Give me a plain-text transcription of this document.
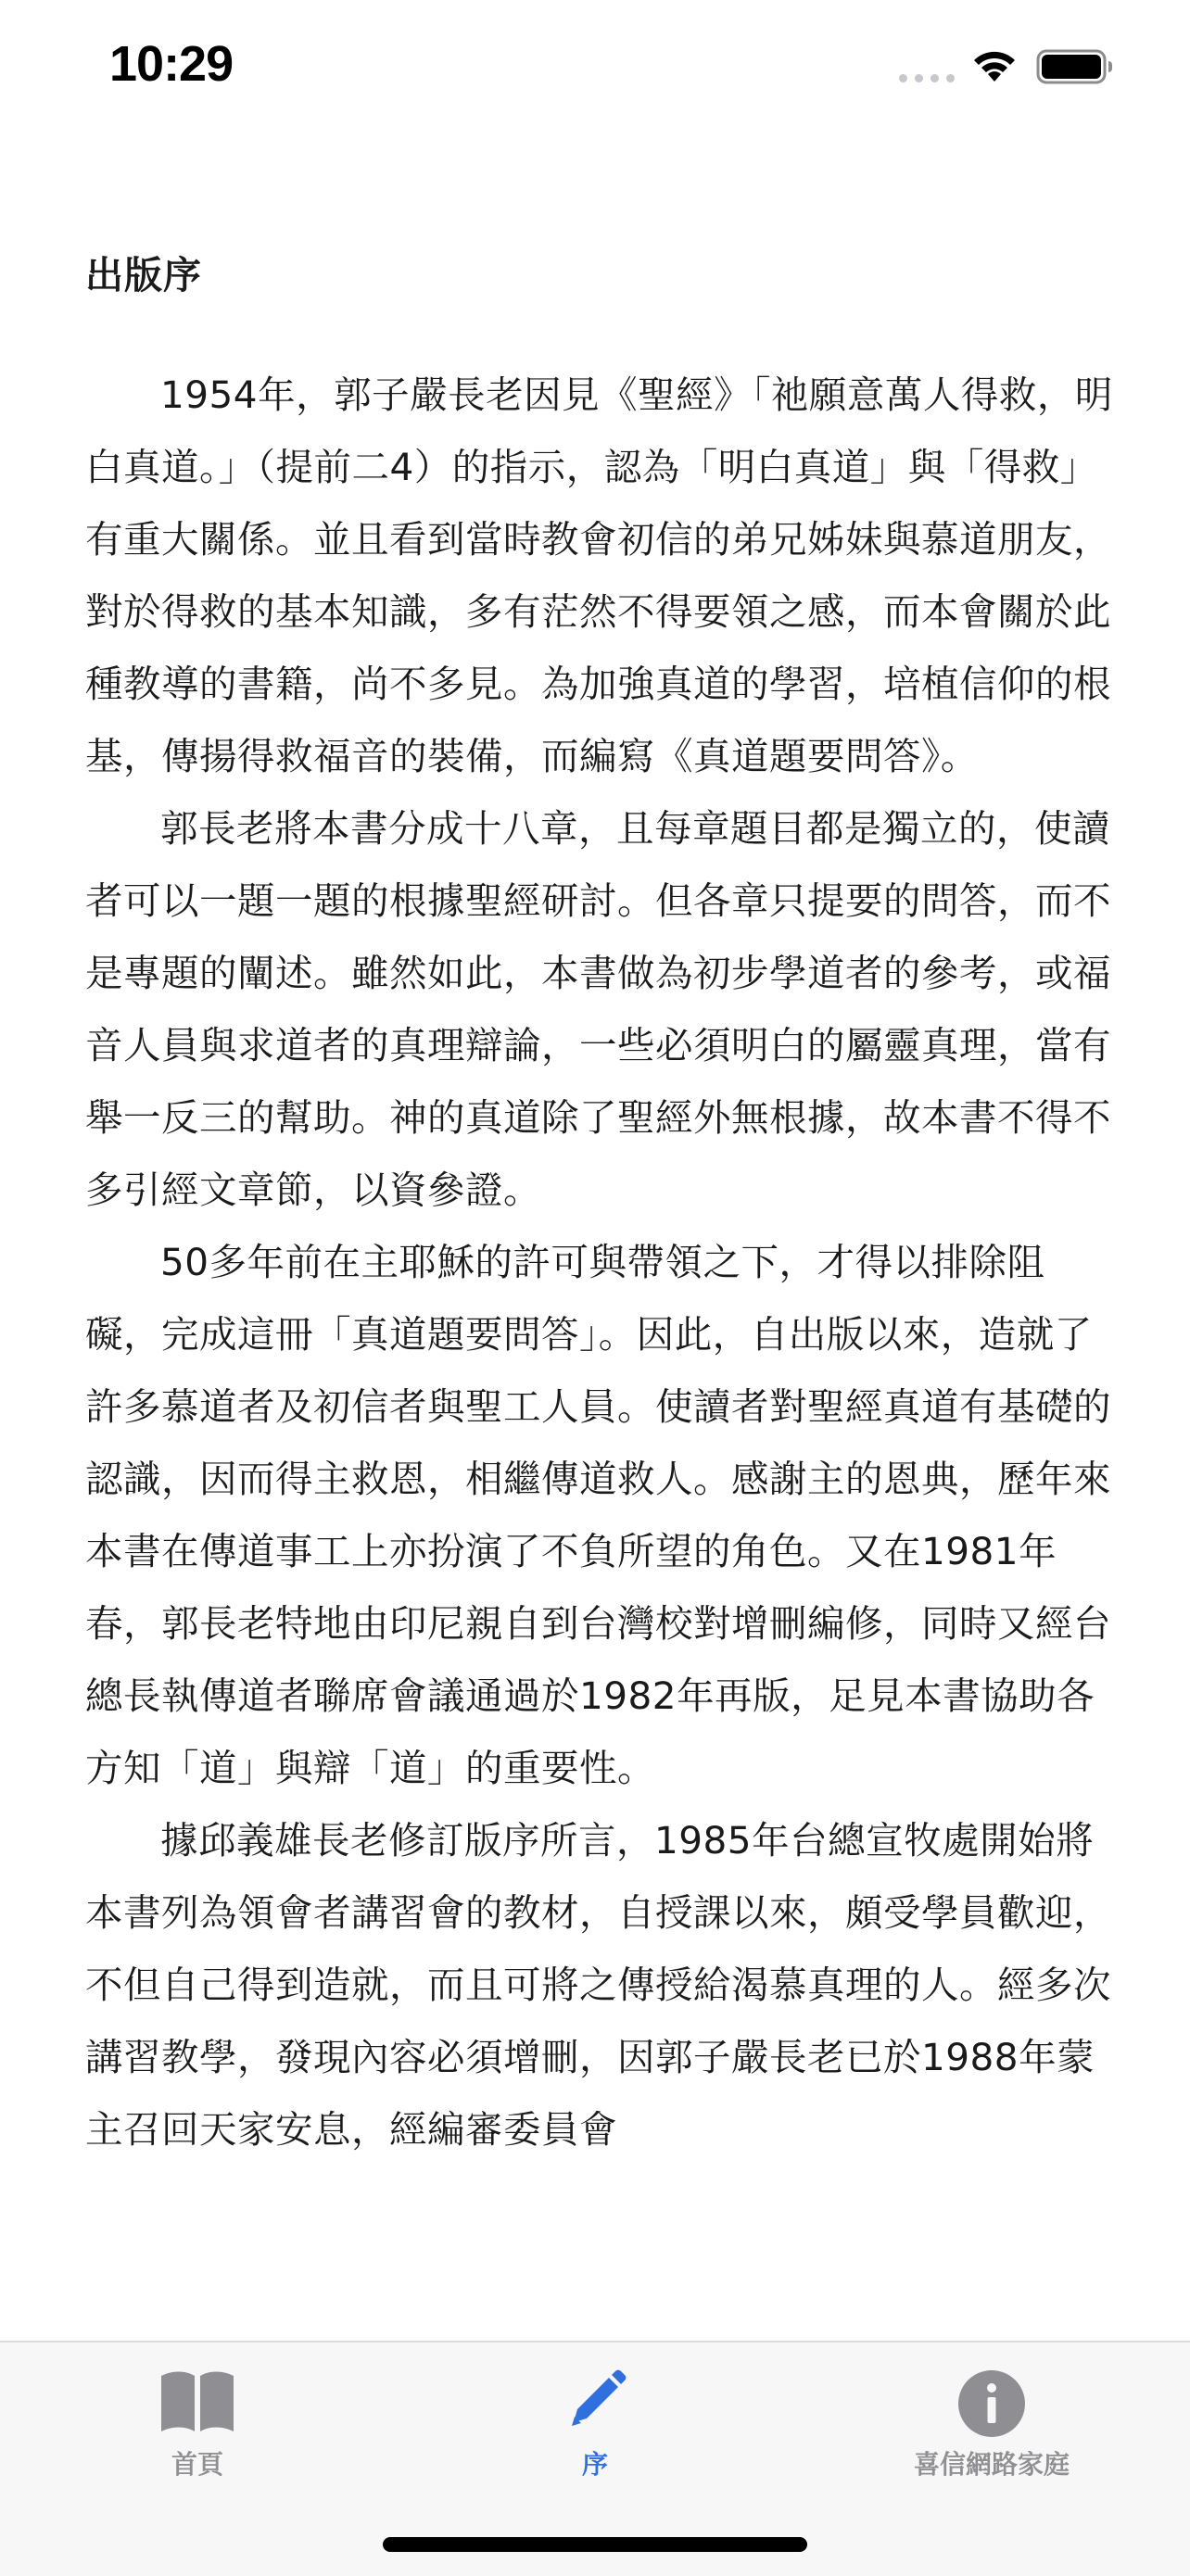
10:29
出版序

1954年，郭子嚴長老因見《聖經》「祂願意萬人得救，明白真道。」（提前二4）的指示，認為「明白真道」與「得救」有重大關係。並且看到當時教會初信的弟兄姊妹與慕道朋友，對於得救的基本知識，多有茫然不得要領之感，而本會關於此種教導的書籍，尚不多見。為加強真道的學習，培植信仰的根基，傳揚得救福音的裝備，而編寫《真道題要問答》。

郭長老將本書分成十八章，且每章題目都是獨立的，使讀者可以一題一題的根據聖經研討。但各章只提要的問答，而不是專題的闡述。雖然如此，本書做為初步學道者的參考，或福音人員與求道者的真理辯論，一些必須明白的屬靈真理，當有舉一反三的幫助。神的真道除了聖經外無根據，故本書不得不多引經文章節，以資參證。

50多年前在主耶穌的許可與帶領之下，才得以排除阻礙，完成這冊「真道題要問答」。因此，自出版以來，造就了許多慕道者及初信者與聖工人員。使讀者對聖經真道有基礎的認識，因而得主救恩，相繼傳道救人。感謝主的恩典，歷年來本書在傳道事工上亦扮演了不負所望的角色。又在1981年春，郭長老特地由印尼親自到台灣校對增刪編修，同時又經台總長執傳道者聯席會議通過於1982年再版，足見本書協助各方知「道」與辯「道」的重要性。

據邱義雄長老修訂版序所言，1985年台總宣牧處開始將本書列為領會者講習會的教材，自授課以來，頗受學員歡迎，不但自己得到造就，而且可將之傳授給渴慕真理的人。經多次講習教學，發現內容必須增刪，因郭子嚴長老已於1988年蒙主召回天家安息，經編審委員會

首頁	序	喜信網路家庭
